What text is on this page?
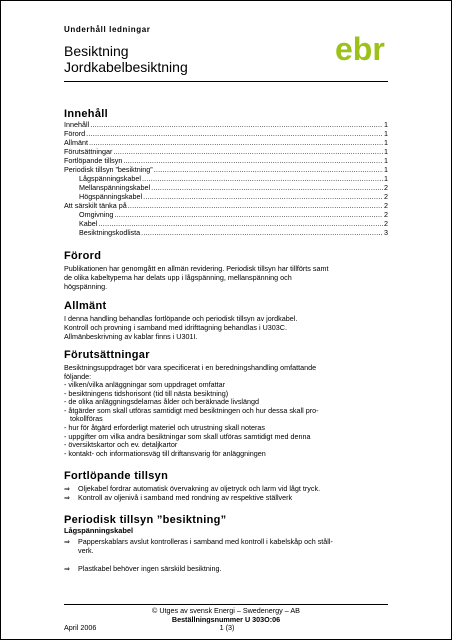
Underhåll ledningar
Besiktning
Jordkabelbesiktning	ebr
Innehåll
Innehåll .....	1
Förord .....	1
Allmänt .....	1
Förutsättningar .....	1
Fortlöpande tillsyn .....	1
Periodisk tillsyn ”besiktning” .....	1
Lågspänningskabel .....	1
Mellanspänningskabel .....	2
Högspänningskabel .....	2
Att särskilt tänka på .....	2
Omgivning .....	2
Kabel .....	2
Besiktningskodlista .....	3
Förord
Publikationen har genomgått en allmän revidering. Periodisk tillsyn har tillförts samt
de olika kabeltyperna har delats upp i lågspänning, mellanspänning och
högspänning.
Allmänt
I denna handling behandlas fortlöpande och periodisk tillsyn av jordkabel.
Kontroll och provning i samband med idrifttagning behandlas i U303C.
Allmänbeskrivning av kablar finns i U301I.
Förutsättningar
Besiktningsuppdraget bör vara specificerat i en beredningshandling omfattande
följande:
- vilken/vilka anläggningar som uppdraget omfattar
- besiktningens tidshorisont (tid till nästa besiktning)
- de olika anläggningsdelarnas ålder och beräknade livslängd
- åtgärder som skall utföras samtidigt med besiktningen och hur dessa skall pro-
tokollföras
- hur för åtgärd erforderligt materiel och utrustning skall noteras
- uppgifter om vilka andra besiktningar som skall utföras samtidigt med denna
- översiktskartor och ev. detaljkartor
- kontakt- och informationsväg till driftansvarig för anläggningen
Fortlöpande tillsyn
⇒	Oljekabel fordrar automatisk övervakning av oljetryck och larm vid lågt tryck.
⇒	Kontroll av oljenivå i samband med rondning av respektive ställverk
Periodisk tillsyn ”besiktning”
Lågspänningskabel
⇒	Papperskablars avslut kontrolleras i samband med kontroll i kabelskåp och ståll-
verk.
⇒	Plastkabel behöver ingen särskild besiktning.
© Utges av svensk Energi – Swedenergy – AB
Beställningsnummer U 303O:06
1 (3)
April 2006
